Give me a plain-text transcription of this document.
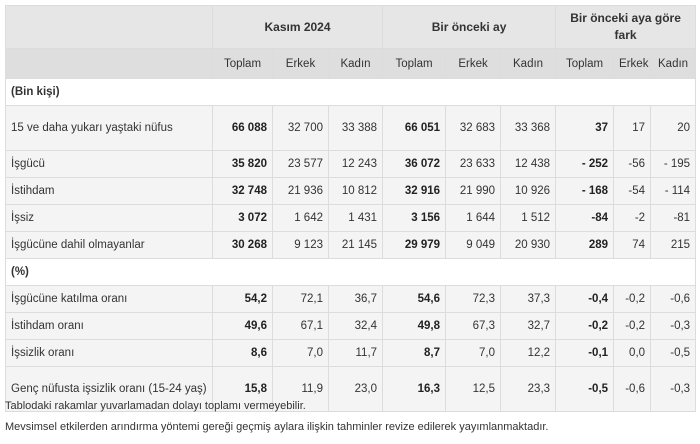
	Kasım 2024			Bir önceki ay			Bir önceki aya göre fark		
	Toplam	Erkek	Kadın	Toplam	Erkek	Kadın	Toplam	Erkek	Kadın
(Bin kişi)									
15 ve daha yukarı yaştaki nüfus	66 088	32 700	33 388	66 051	32 683	33 368	37	17	20
İşgücü	35 820	23 577	12 243	36 072	23 633	12 438	- 252	-56	- 195
İstihdam	32 748	21 936	10 812	32 916	21 990	10 926	- 168	-54	- 114
İşsiz	3 072	1 642	1 431	3 156	1 644	1 512	-84	-2	-81
İşgücüne dahil olmayanlar	30 268	9 123	21 145	29 979	9 049	20 930	289	74	215
(%)									
İşgücüne katılma oranı	54,2	72,1	36,7	54,6	72,3	37,3	-0,4	-0,2	-0,6
İstihdam oranı	49,6	67,1	32,4	49,8	67,3	32,7	-0,2	-0,2	-0,3
İşsizlik oranı	8,6	7,0	11,7	8,7	7,0	12,2	-0,1	0,0	-0,5
Genç nüfusta işsizlik oranı (15-24 yaş)	15,8	11,9	23,0	16,3	12,5	23,3	-0,5	-0,6	-0,3
Tablodaki rakamlar yuvarlamadan dolayı toplamı vermeyebilir.
Mevsimsel etkilerden arındırma yöntemi gereği geçmiş aylara ilişkin tahminler revize edilerek yayımlanmaktadır.
